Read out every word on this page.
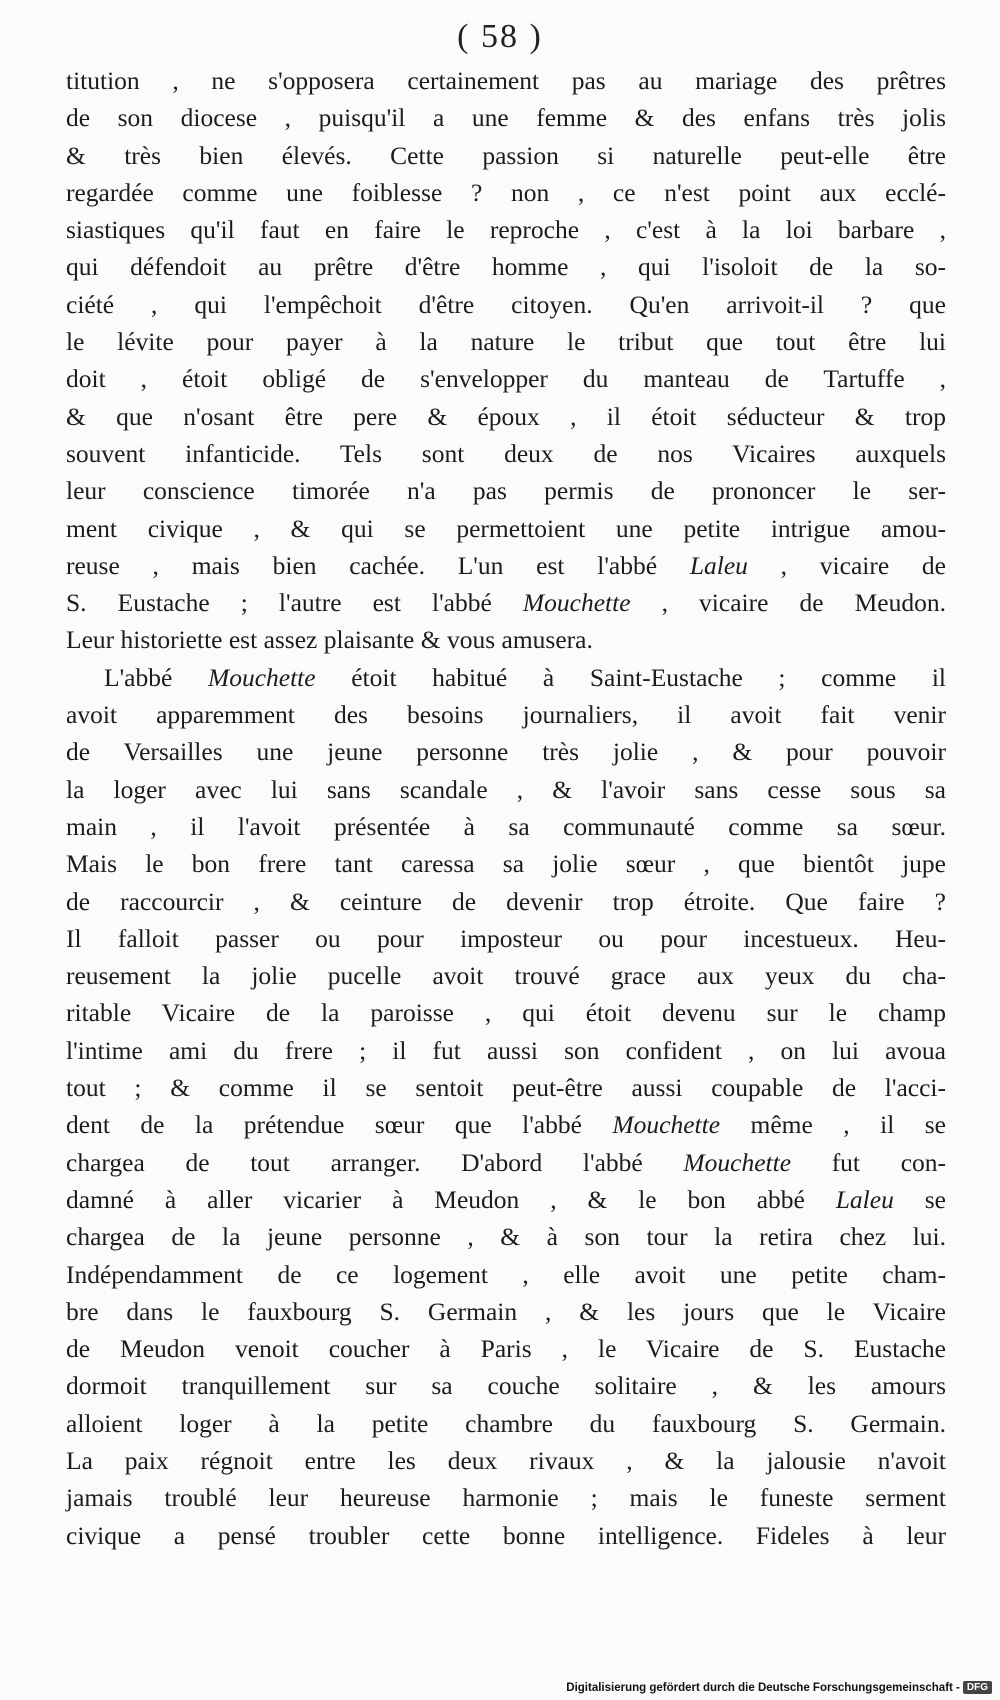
( 58 )
titution , ne s'opposera certainement pas au mariage des prêtres
de son diocese , puisqu'il a une femme & des enfans très jolis
& très bien élevés. Cette passion si naturelle peut-elle être
regardée comme une foiblesse ? non , ce n'est point aux ecclé-
siastiques qu'il faut en faire le reproche , c'est à la loi barbare ,
qui défendoit au prêtre d'être homme , qui l'isoloit de la so-
ciété , qui l'empêchoit d'être citoyen. Qu'en arrivoit-il ? que
le lévite pour payer à la nature le tribut que tout être lui
doit , étoit obligé de s'envelopper du manteau de Tartuffe ,
& que n'osant être pere & époux , il étoit séducteur & trop
souvent infanticide. Tels sont deux de nos Vicaires auxquels
leur conscience timorée n'a pas permis de prononcer le ser-
ment civique , & qui se permettoient une petite intrigue amou-
reuse , mais bien cachée. L'un est l'abbé Laleu , vicaire de
S. Eustache ; l'autre est l'abbé Mouchette , vicaire de Meudon.
Leur historiette est assez plaisante & vous amusera.
L'abbé Mouchette étoit habitué à Saint-Eustache ; comme il
avoit apparemment des besoins journaliers, il avoit fait venir
de Versailles une jeune personne très jolie , & pour pouvoir
la loger avec lui sans scandale , & l'avoir sans cesse sous sa
main , il l'avoit présentée à sa communauté comme sa sœur.
Mais le bon frere tant caressa sa jolie sœur , que bientôt jupe
de raccourcir , & ceinture de devenir trop étroite. Que faire ?
Il falloit passer ou pour imposteur ou pour incestueux. Heu-
reusement la jolie pucelle avoit trouvé grace aux yeux du cha-
ritable Vicaire de la paroisse , qui étoit devenu sur le champ
l'intime ami du frere ; il fut aussi son confident , on lui avoua
tout ; & comme il se sentoit peut-être aussi coupable de l'acci-
dent de la prétendue sœur que l'abbé Mouchette même , il se
chargea de tout arranger. D'abord l'abbé Mouchette fut con-
damné à aller vicarier à Meudon , & le bon abbé Laleu se
chargea de la jeune personne , & à son tour la retira chez lui.
Indépendamment de ce logement , elle avoit une petite cham-
bre dans le fauxbourg S. Germain , & les jours que le Vicaire
de Meudon venoit coucher à Paris , le Vicaire de S. Eustache
dormoit tranquillement sur sa couche solitaire , & les amours
alloient loger à la petite chambre du fauxbourg S. Germain.
La paix régnoit entre les deux rivaux , & la jalousie n'avoit
jamais troublé leur heureuse harmonie ; mais le funeste serment
civique a pensé troubler cette bonne intelligence. Fideles à leur
Digitalisierung gefördert durch die Deutsche Forschungsgemeinschaft - DFG
